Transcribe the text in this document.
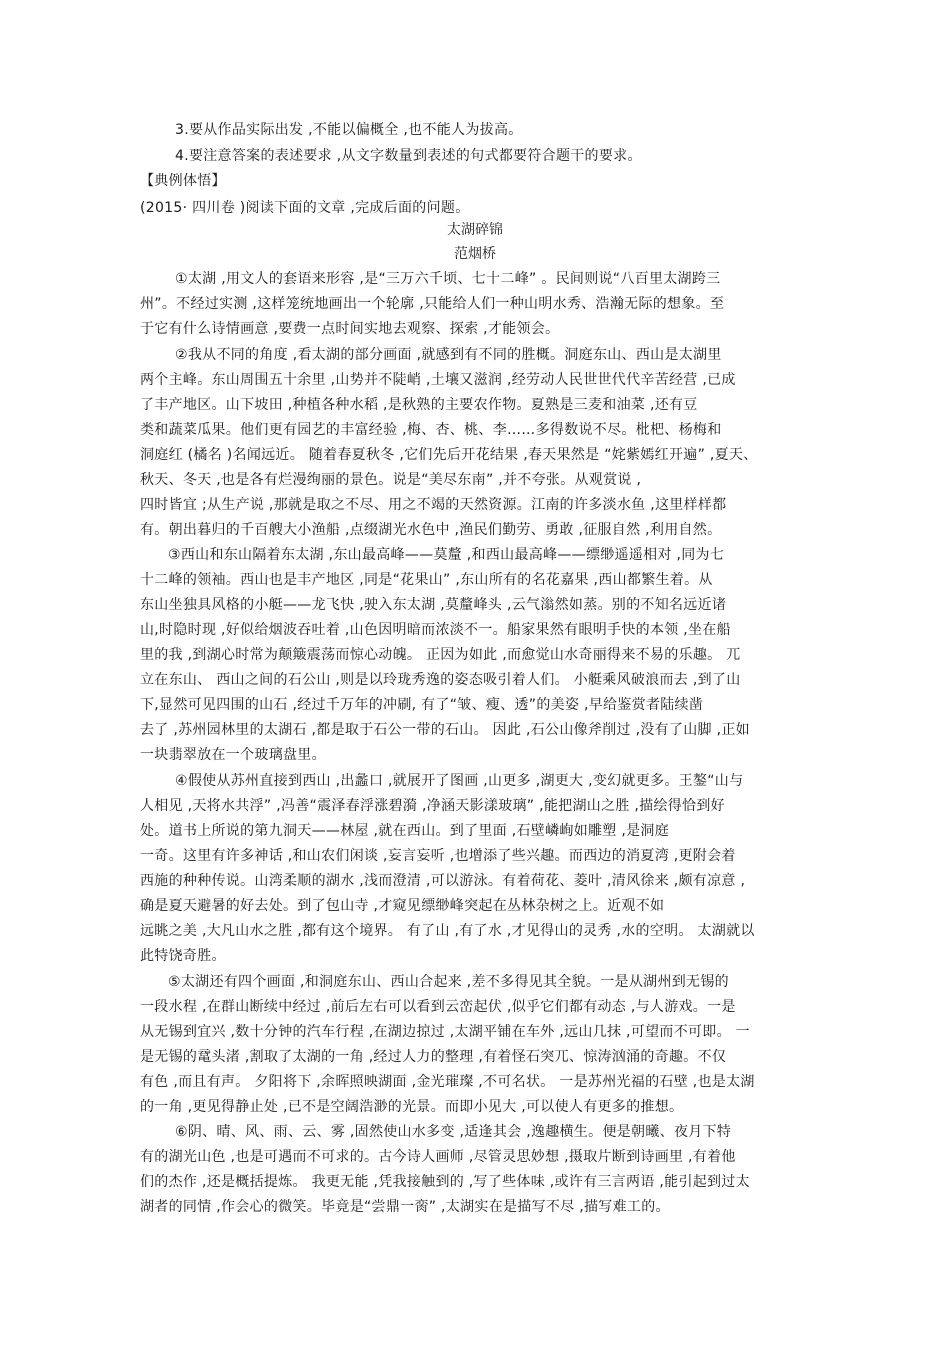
3.要从作品实际出发 ,不能以偏概全 ,也不能人为拔高。
4.要注意答案的表述要求 ,从文字数量到表述的句式都要符合题干的要求。
【典例体悟】
(2015· 四川卷 )阅读下面的文章 ,完成后面的问题。
太湖碎锦
范烟桥
①太湖 ,用文人的套语来形容 ,是“三万六千顷、七十二峰” 。民间则说“八百里太湖跨三
州”。不经过实测 ,这样笼统地画出一个轮廓 ,只能给人们一种山明水秀、浩瀚无际的想象。至
于它有什么诗情画意 ,要费一点时间实地去观察、探索 ,才能领会。
②我从不同的角度 ,看太湖的部分画面 ,就感到有不同的胜概。洞庭东山、西山是太湖里
两个主峰。东山周围五十余里 ,山势并不陡峭 ,土壤又滋润 ,经劳动人民世世代代辛苦经营 ,已成
了丰产地区。山下坡田 ,种植各种水稻 ,是秋熟的主要农作物。夏熟是三麦和油菜 ,还有豆
类和蔬菜瓜果。他们更有园艺的丰富经验 ,梅、杏、桃、李……多得数说不尽。枇杷、杨梅和
洞庭红 (橘名 )名闻远近。 随着春夏秋冬 ,它们先后开花结果 ,春天果然是 “姹紫嫣红开遍” ,夏天、
秋天、冬天 ,也是各有烂漫绚丽的景色。说是“美尽东南” ,并不夸张。从观赏说 ,
四时皆宜 ;从生产说 ,那就是取之不尽、用之不竭的天然资源。江南的许多淡水鱼 ,这里样样都
有。朝出暮归的千百艘大小渔船 ,点缀湖光水色中 ,渔民们勤劳、勇敢 ,征服自然 ,利用自然。
③西山和东山隔着东太湖 ,东山最高峰——莫釐 ,和西山最高峰——缥缈遥遥相对 ,同为七
十二峰的领袖。西山也是丰产地区 ,同是“花果山” ,东山所有的名花嘉果 ,西山都繁生着。从
东山坐独具风格的小艇——龙飞快 ,驶入东太湖 ,莫釐峰头 ,云气滃然如蒸。别的不知名远近诸
山,时隐时现 ,好似给烟波吞吐着 ,山色因明暗而浓淡不一。船家果然有眼明手快的本领 ,坐在船
里的我 ,到湖心时常为颠簸震荡而惊心动魄。 正因为如此 ,而愈觉山水奇丽得来不易的乐趣。 兀
立在东山、 西山之间的石公山 ,则是以玲珑秀逸的姿态吸引着人们。 小艇乘风破浪而去 ,到了山
下,显然可见四围的山石 ,经过千万年的冲刷, 有了“皱、瘦、透”的美姿 ,早给鉴赏者陆续凿
去了 ,苏州园林里的太湖石 ,都是取于石公一带的石山。 因此 ,石公山像斧削过 ,没有了山脚 ,正如
一块翡翠放在一个玻璃盘里。
④假使从苏州直接到西山 ,出蠡口 ,就展开了图画 ,山更多 ,湖更大 ,变幻就更多。王鏊“山与
人相见 ,天将水共浮” ,冯善“震泽春浮涨碧漪 ,净涵天影漾玻璃” ,能把湖山之胜 ,描绘得恰到好
处。道书上所说的第九洞天——林屋 ,就在西山。到了里面 ,石壁嶙峋如雕塑 ,是洞庭
一奇。这里有许多神话 ,和山农们闲谈 ,妄言妄听 ,也增添了些兴趣。而西边的消夏湾 ,更附会着
西施的种种传说。山湾柔顺的湖水 ,浅而澄清 ,可以游泳。有着荷花、菱叶 ,清风徐来 ,颇有凉意 ,
确是夏天避暑的好去处。到了包山寺 ,才窥见缥缈峰突起在丛林杂树之上。近观不如
远眺之美 ,大凡山水之胜 ,都有这个境界。 有了山 ,有了水 ,才见得山的灵秀 ,水的空明。 太湖就以
此特饶奇胜。
⑤太湖还有四个画面 ,和洞庭东山、西山合起来 ,差不多得见其全貌。一是从湖州到无锡的
一段水程 ,在群山断续中经过 ,前后左右可以看到云峦起伏 ,似乎它们都有动态 ,与人游戏。一是
从无锡到宜兴 ,数十分钟的汽车行程 ,在湖边掠过 ,太湖平铺在车外 ,远山几抹 ,可望而不可即。 一
是无锡的鼋头渚 ,割取了太湖的一角 ,经过人力的整理 ,有着怪石突兀、惊涛汹涌的奇趣。不仅
有色 ,而且有声。 夕阳将下 ,余晖照映湖面 ,金光璀璨 ,不可名状。 一是苏州光福的石壁 ,也是太湖
的一角 ,更见得静止处 ,已不是空阔浩渺的光景。而即小见大 ,可以使人有更多的推想。
⑥阴、晴、风、雨、云、雾 ,固然使山水多变 ,适逢其会 ,逸趣横生。便是朝曦、夜月下特
有的湖光山色 ,也是可遇而不可求的。古今诗人画师 ,尽管灵思妙想 ,摄取片断到诗画里 ,有着他
们的杰作 ,还是概括提炼。 我更无能 ,凭我接触到的 ,写了些体味 ,或许有三言两语 ,能引起到过太
湖者的同情 ,作会心的微笑。毕竟是“尝鼎一脔” ,太湖实在是描写不尽 ,描写难工的。
